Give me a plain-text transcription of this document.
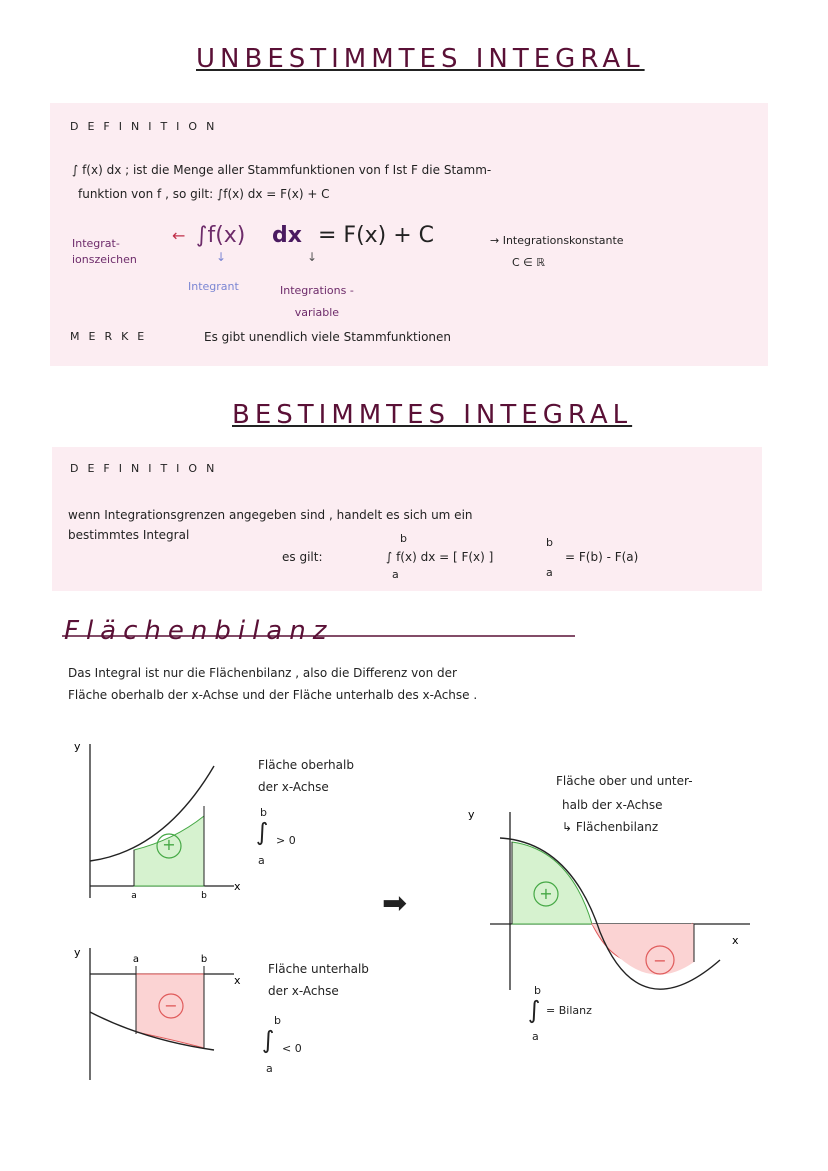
UNBESTIMMTES INTEGRAL
DEFINITION
∫ f(x) dx ; ist die Menge aller Stammfunktionen von f Ist F die Stamm-
funktion von f , so gilt: ∫f(x) dx = F(x) + C
∫f(x) dx = F(x) + C
Integrat-
ionszeichen
←	→ Integrationskonstante
C ∈ ℝ
↓	↓
Integrant	Integrations -
variable
MERKE	Es gibt unendlich viele Stammfunktionen
BESTIMMTES INTEGRAL
DEFINITION
wenn Integrationsgrenzen angegeben sind , handelt es sich um ein
bestimmtes Integral
es gilt:
b
∫ f(x) dx = [ F(x) ]
b
a
a
= F(b) - F(a)
Flächenbilanz
Das Integral ist nur die Flächenbilanz , also die Differenz von der
Fläche oberhalb der x-Achse und der Fläche unterhalb des x-Achse .
+
y
x
a	b
Fläche oberhalb
der x-Achse
b
∫ > 0
a
−
y
x
a	b
Fläche unterhalb
der x-Achse
b
∫ < 0
a
➡	+
−
y
x
Fläche ober und unter-
halb der x-Achse
↳ Flächenbilanz
b
∫ = Bilanz
a
